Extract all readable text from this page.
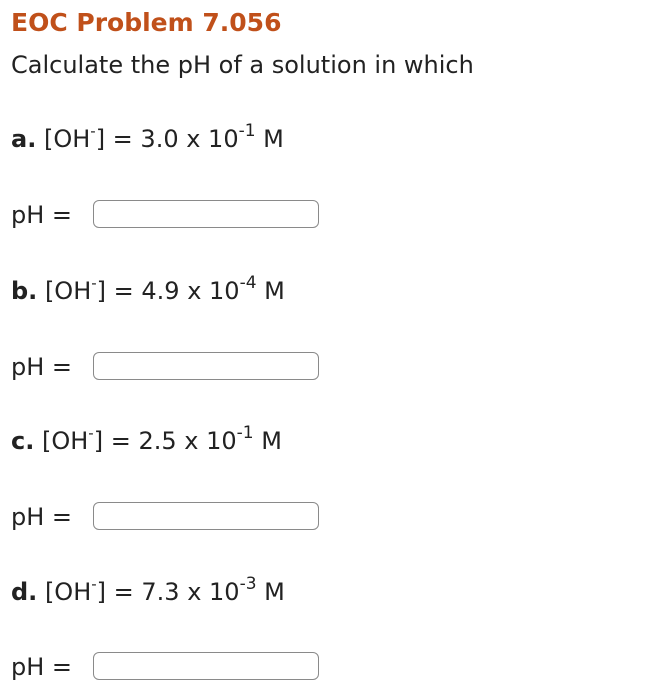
EOC Problem 7.056
Calculate the pH of a solution in which
a. [OH-] = 3.0 x $10^{-1}$ M
pH =
b. [OH-] = 4.9 x $10^{-4}$ M
pH =
c. [OH-] = 2.5 x $10^{-1}$ M
pH =
d. [OH-] = 7.3 x $10^{-3}$ M
pH =
